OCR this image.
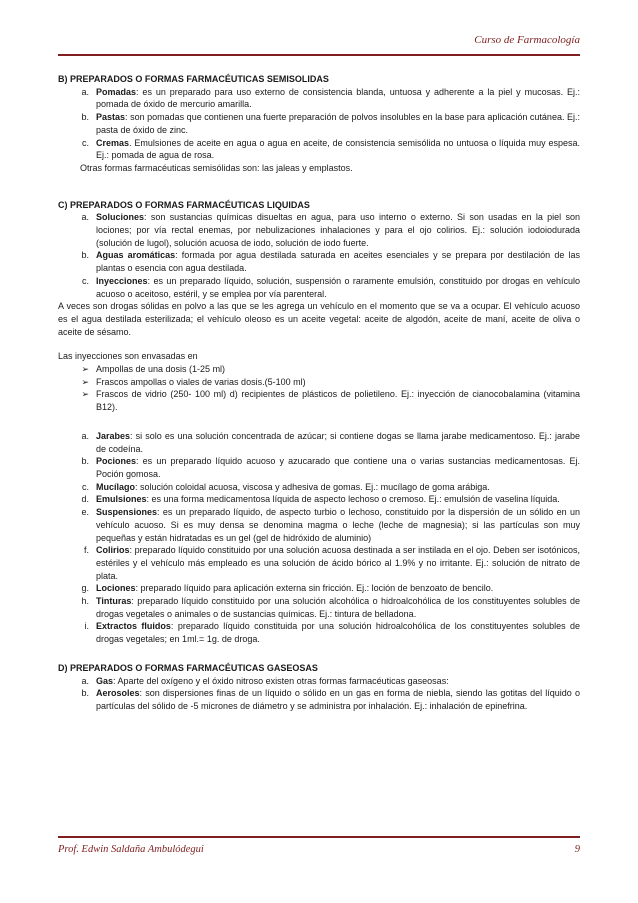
Curso de Farmacología

B) PREPARADOS O FORMAS FARMACÉUTICAS SEMISOLIDAS

a. Pomadas: es un preparado para uso externo de consistencia blanda, untuosa y adherente a la piel y mucosas. Ej.: pomada de óxido de mercurio amarilla.
b. Pastas: son pomadas que contienen una fuerte preparación de polvos insolubles en la base para aplicación cutánea. Ej.: pasta de óxido de zinc.
c. Cremas. Emulsiones de aceite en agua o agua en aceite, de consistencia semisólida no untuosa o líquida muy espesa. Ej.: pomada de agua de rosa.

Otras formas farmacéuticas semisólidas son: las jaleas y emplastos.

C) PREPARADOS O FORMAS FARMACÉUTICAS LIQUIDAS

a. Soluciones: son sustancias químicas disueltas en agua, para uso interno o externo. Si son usadas en la piel son lociones; por vía rectal enemas, por nebulizaciones inhalaciones y para el ojo colirios. Ej.: solución iodoiodurada (solución de lugol), solución acuosa de iodo, solución de iodo fuerte.
b. Aguas aromáticas: formada por agua destilada saturada en aceites esenciales y se prepara por destilación de las plantas o esencia con agua destilada.
c. Inyecciones: es un preparado líquido, solución, suspensión o raramente emulsión, constituido por drogas en vehículo acuoso o aceitoso, estéril, y se emplea por vía parenteral.

A veces son drogas sólidas en polvo a las que se les agrega un vehículo en el momento que se va a ocupar. El vehículo acuoso es el agua destilada esterilizada; el vehículo oleoso es un aceite vegetal: aceite de algodón, aceite de maní, aceite de oliva o aceite de sésamo.

Las inyecciones son envasadas en

➢ Ampollas de una dosis (1-25 ml)
➢ Frascos ampollas o viales de varias dosis.(5-100 ml)
➢ Frascos de vidrio (250- 100 ml) d) recipientes de plásticos de polietileno. Ej.: inyección de cianocobalamina (vitamina B12).
a. Jarabes: si solo es una solución concentrada de azúcar; si contiene dogas se llama jarabe medicamentoso. Ej.: jarabe de codeína.
b. Pociones: es un preparado líquido acuoso y azucarado que contiene una o varias sustancias medicamentosas. Ej. Poción gomosa.
c. Mucílago: solución coloidal acuosa, viscosa y adhesiva de gomas. Ej.: mucílago de goma arábiga.
d. Emulsiones: es una forma medicamentosa líquida de aspecto lechoso o cremoso. Ej.: emulsión de vaselina líquida.
e. Suspensiones: es un preparado líquido, de aspecto turbio o lechoso, constituido por la dispersión de un sólido en un vehículo acuoso. Si es muy densa se denomina magma o leche (leche de magnesia); si las partículas son muy pequeñas y están hidratadas es un gel (gel de hidróxido de aluminio)
f. Colirios: preparado líquido constituido por una solución acuosa destinada a ser instilada en el ojo. Deben ser isotónicos, estériles y el vehículo más empleado es una solución de ácido bórico al 1.9% y no irritante. Ej.: solución de nitrato de plata.
g. Lociones: preparado líquido para aplicación externa sin fricción. Ej.: loción de benzoato de bencilo.
h. Tinturas: preparado líquido constituido por una solución alcohólica o hidroalcohólica de los constituyentes solubles de drogas vegetales o animales o de sustancias químicas. Ej.: tintura de belladona.
i. Extractos fluidos: preparado líquido constituida por una solución hidroalcohólica de los constituyentes solubles de drogas vegetales; en 1ml.= 1g. de droga.

D) PREPARADOS O FORMAS FARMACÉUTICAS GASEOSAS

a. Gas: Aparte del oxígeno y el óxido nitroso existen otras formas farmacéuticas gaseosas:
b. Aerosoles: son dispersiones finas de un líquido o sólido en un gas en forma de niebla, siendo las gotitas del líquido o partículas del sólido de -5 micrones de diámetro y se administra por inhalación. Ej.: inhalación de epinefrina.
Prof. Edwin Saldaña Ambulódegui	9
